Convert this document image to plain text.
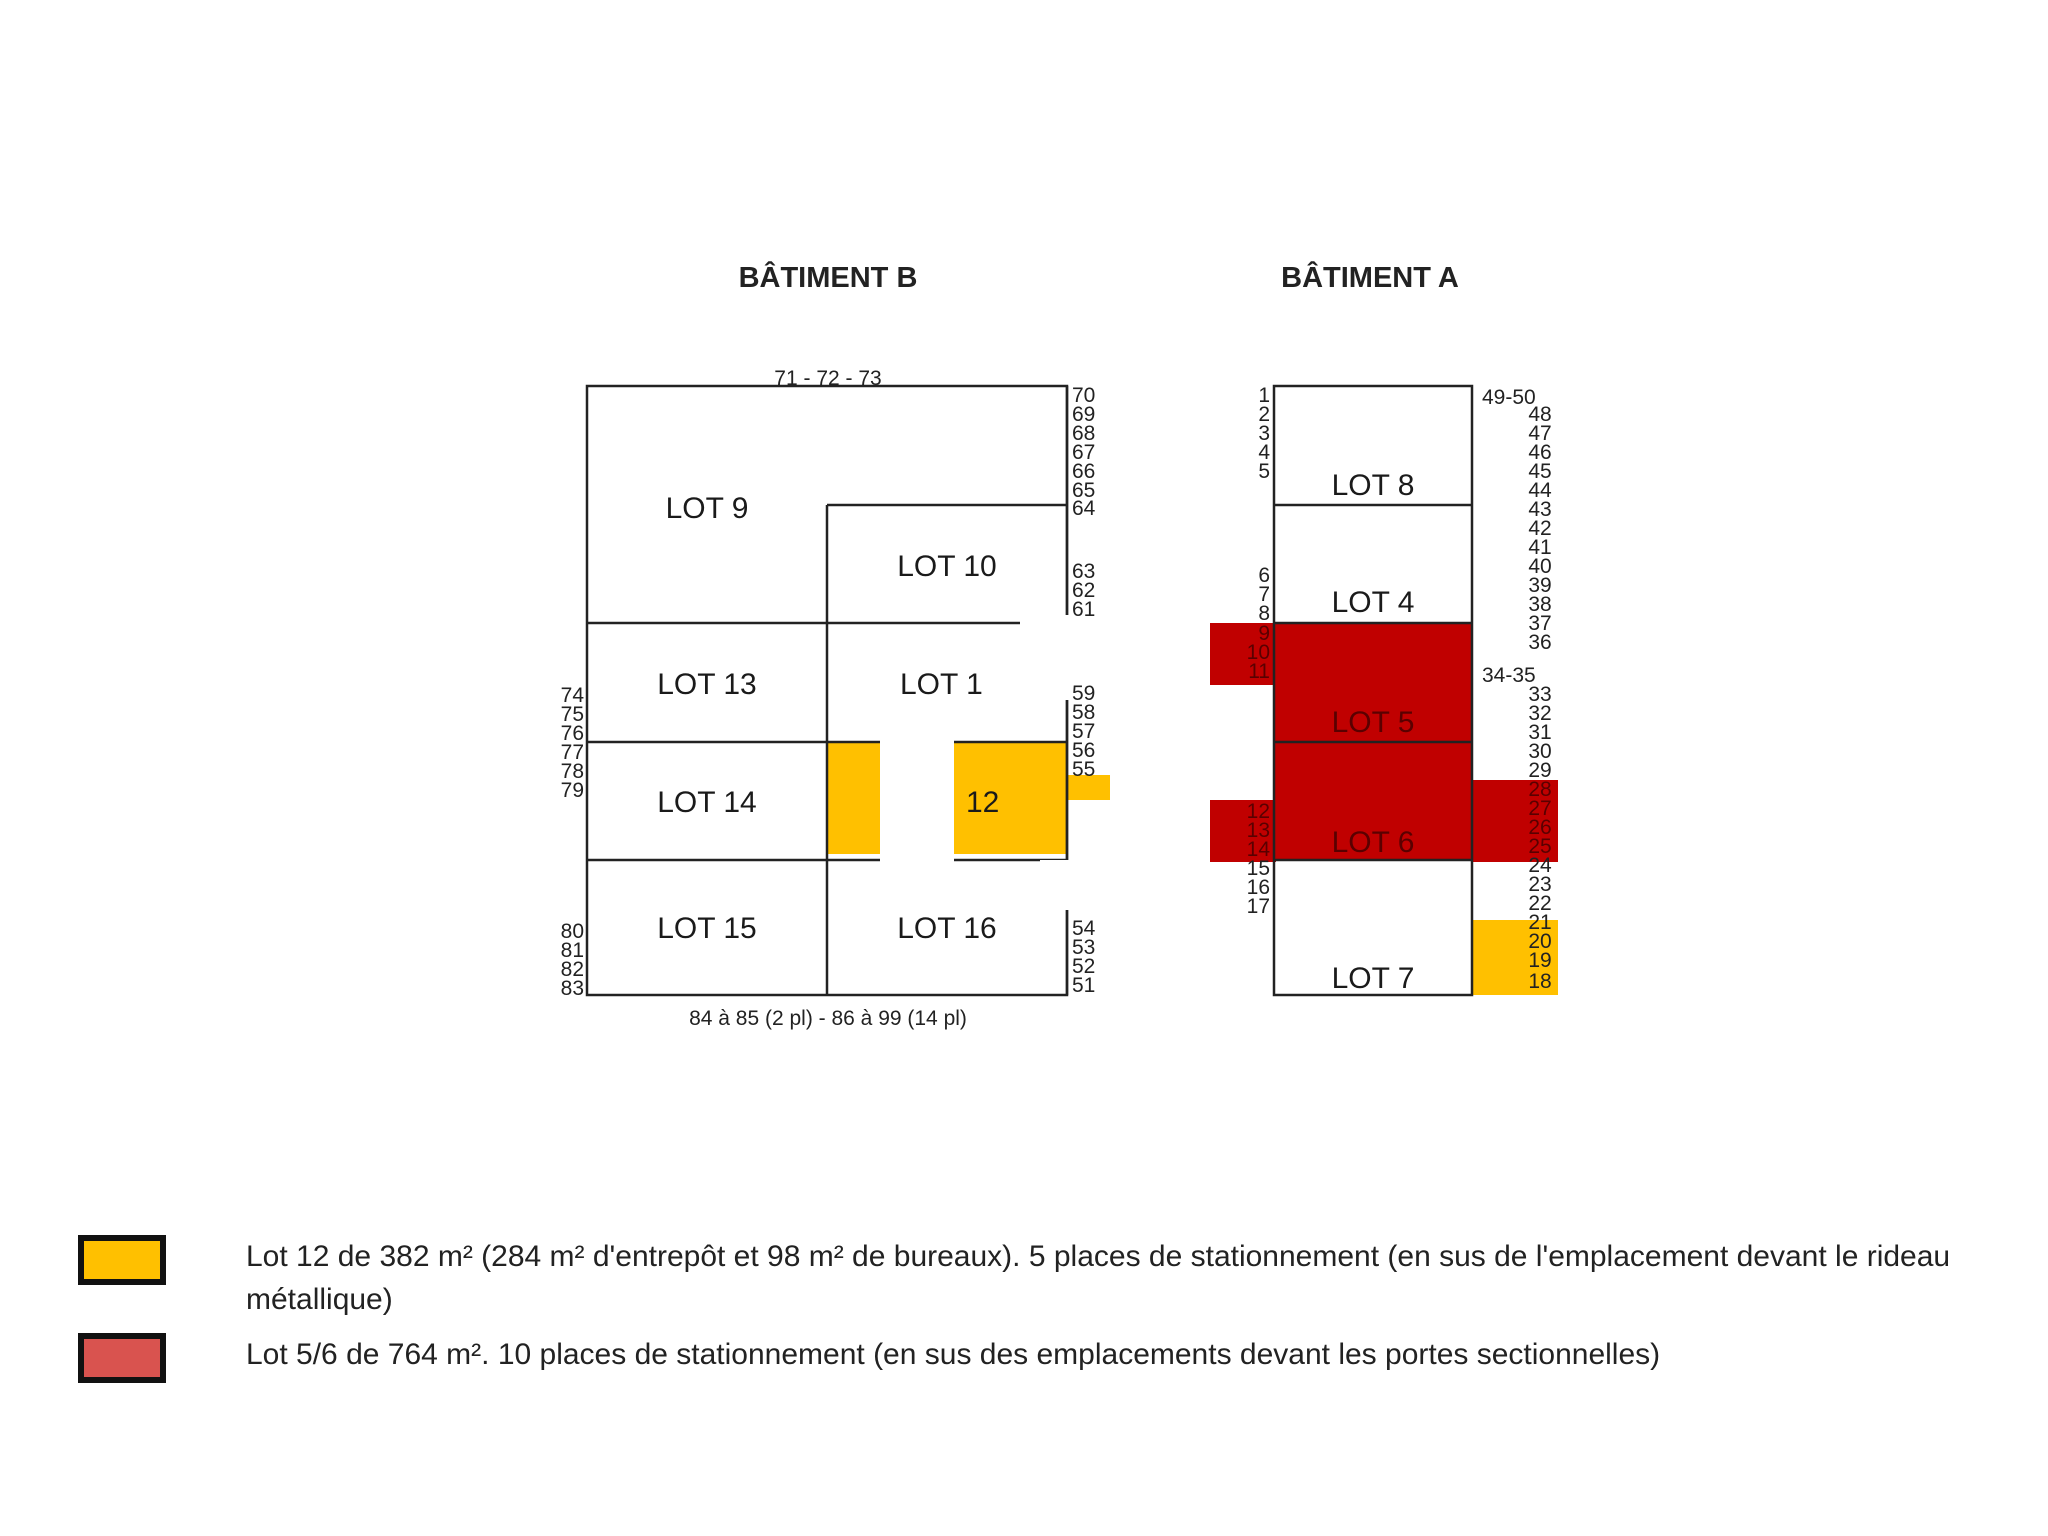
BÂTIMENT B	BÂTIMENT A
71 - 72 - 73
84 à 85 (2 pl) - 86 à 99 (14 pl)
LOT 9
LOT 10
LOT 13	LOT 1
LOT 14	12
LOT 15	LOT 16
70
69
68
67
66
65
64
63
62
61
59
58
57
56
55
54
53
52
51
74
75
76
77
78
79
80
81
82
83
LOT 8
LOT 4
LOT 5
LOT 6
LOT 7
1
2
3
4
5
6
7
8
9
10
11
12
13
14
15
16
17
49-50
48
47
46
45
44
43
42
41
40
39
38
37
36
34-35
33
32
31
30
29
28
27
26
25
24
23
22
21
20
19
18
Lot 12 de 382 m² (284 m² d'entrepôt et 98 m² de bureaux). 5 places de stationnement (en sus de l'emplacement devant le rideau métallique)
Lot 5/6 de 764 m². 10 places de stationnement (en sus des emplacements devant les portes sectionnelles)
